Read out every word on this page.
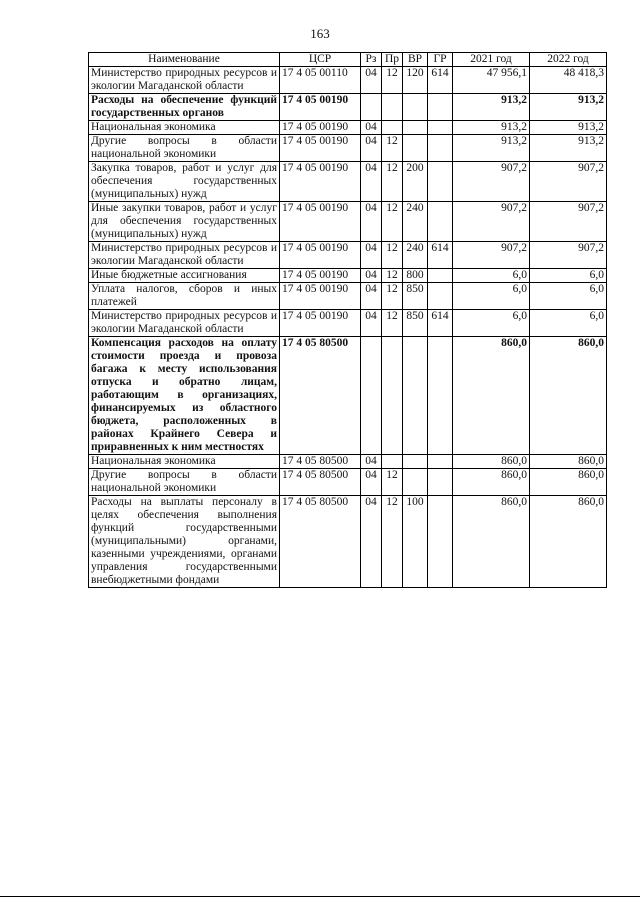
163
Наименование	ЦСР	Рз	Пр	ВР	ГР	2021 год	2022 год
Министерство природных ресурсов и экологии Магаданской области	17 4 05 00110	04	12	120	614	47 956,1	48 418,3
Расходы на обеспечение функций государственных органов	17 4 05 00190					913,2	913,2
Национальная экономика	17 4 05 00190	04				913,2	913,2
Другие вопросы в области национальной экономики	17 4 05 00190	04	12			913,2	913,2
Закупка товаров, работ и услуг для обеспечения государственных (муниципальных) нужд	17 4 05 00190	04	12	200		907,2	907,2
Иные закупки товаров, работ и услуг для обеспечения государственных (муниципальных) нужд	17 4 05 00190	04	12	240		907,2	907,2
Министерство природных ресурсов и экологии Магаданской области	17 4 05 00190	04	12	240	614	907,2	907,2
Иные бюджетные ассигнования	17 4 05 00190	04	12	800		6,0	6,0
Уплата налогов, сборов и иных платежей	17 4 05 00190	04	12	850		6,0	6,0
Министерство природных ресурсов и экологии Магаданской области	17 4 05 00190	04	12	850	614	6,0	6,0
Компенсация расходов на оплату стоимости проезда и провоза багажа к месту использования отпуска и обратно лицам, работающим в организациях, финансируемых из областного бюджета, расположенных в районах Крайнего Севера и приравненных к ним местностях	17 4 05 80500					860,0	860,0
Национальная экономика	17 4 05 80500	04				860,0	860,0
Другие вопросы в области национальной экономики	17 4 05 80500	04	12			860,0	860,0
Расходы на выплаты персоналу в целях обеспечения выполнения функций государственными (муниципальными) органами, казенными учреждениями, органами управления государственными внебюджетными фондами	17 4 05 80500	04	12	100		860,0	860,0
